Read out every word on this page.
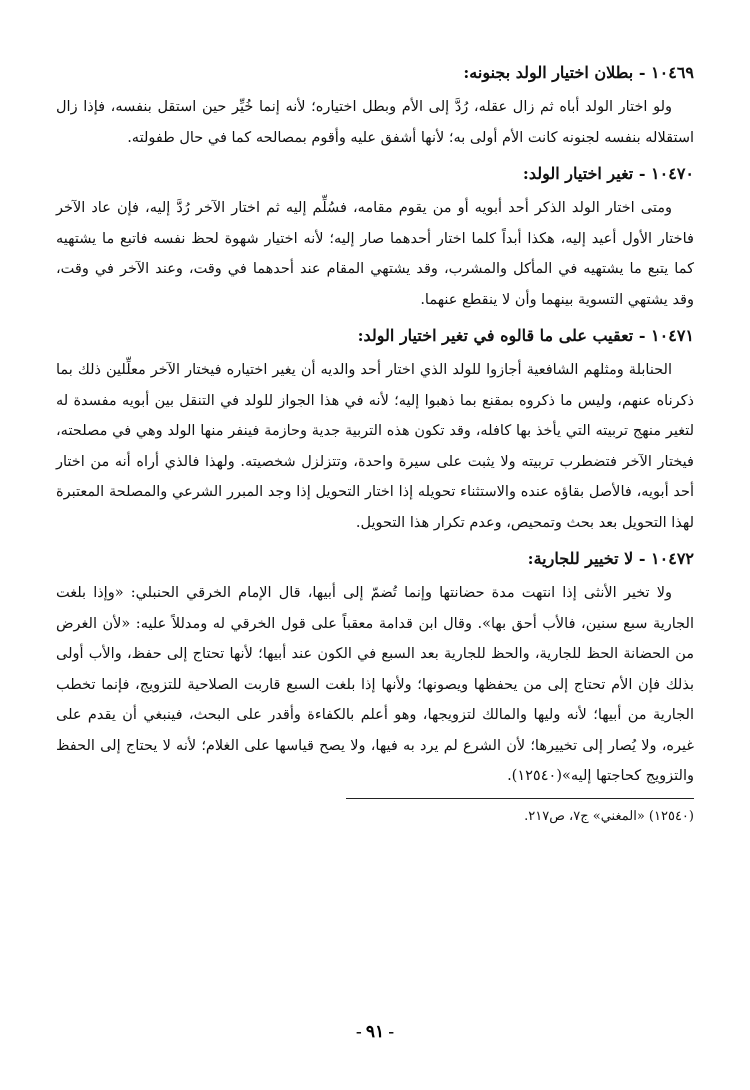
١٠٤٦٩ - بطلان اختيار الولد بجنونه:

ولو اختار الولد أباه ثم زال عقله، رُدَّ إلى الأم وبطل اختياره؛ لأنه إنما خُيِّر حين استقل بنفسه، فإذا زال استقلاله بنفسه لجنونه كانت الأم أولى به؛ لأنها أشفق عليه وأقوم بمصالحه كما في حال طفولته.

١٠٤٧٠ - تغير اختيار الولد:

ومتى اختار الولد الذكر أحد أبويه أو من يقوم مقامه، فسُلِّم إليه ثم اختار الآخر رُدَّ إليه، فإن عاد الآخر فاختار الأول أعيد إليه، هكذا أبداً كلما اختار أحدهما صار إليه؛ لأنه اختيار شهوة لحظ نفسه فاتبع ما يشتهيه كما يتبع ما يشتهيه في المأكل والمشرب، وقد يشتهي المقام عند أحدهما في وقت، وعند الآخر في وقت، وقد يشتهي التسوية بينهما وأن لا ينقطع عنهما.

١٠٤٧١ - تعقيب على ما قالوه في تغير اختيار الولد:

الحنابلة ومثلهم الشافعية أجازوا للولد الذي اختار أحد والديه أن يغير اختياره فيختار الآخر معلِّلين ذلك بما ذكرناه عنهم، وليس ما ذكروه بمقنع بما ذهبوا إليه؛ لأنه في هذا الجواز للولد في التنقل بين أبويه مفسدة له لتغير منهج تربيته التي يأخذ بها كافله، وقد تكون هذه التربية جدية وحازمة فينفر منها الولد وهي في مصلحته، فيختار الآخر فتضطرب تربيته ولا يثبت على سيرة واحدة، وتتزلزل شخصيته. ولهذا فالذي أراه أنه من اختار أحد أبويه، فالأصل بقاؤه عنده والاستثناء تحويله إذا اختار التحويل إذا وجد المبرر الشرعي والمصلحة المعتبرة لهذا التحويل بعد بحث وتمحيص، وعدم تكرار هذا التحويل.

١٠٤٧٢ - لا تخيير للجارية:

ولا تخير الأنثى إذا انتهت مدة حضانتها وإنما تُضمّ إلى أبيها، قال الإمام الخرقي الحنبلي: «وإذا بلغت الجارية سبع سنين، فالأب أحق بها». وقال ابن قدامة معقباً على قول الخرقي له ومدللاً عليه: «لأن الغرض من الحضانة الحظ للجارية، والحظ للجارية بعد السبع في الكون عند أبيها؛ لأنها تحتاج إلى حفظ، والأب أولى بذلك فإن الأم تحتاج إلى من يحفظها ويصونها؛ ولأنها إذا بلغت السبع قاربت الصلاحية للتزويج، فإنما تخطب الجارية من أبيها؛ لأنه وليها والمالك لتزويجها، وهو أعلم بالكفاءة وأقدر على البحث، فينبغي أن يقدم على غيره، ولا يُصار إلى تخييرها؛ لأن الشرع لم يرد به فيها، ولا يصح قياسها على الغلام؛ لأنه لا يحتاج إلى الحفظ والتزويج كحاجتها إليه»(١٢٥٤٠).

(١٢٥٤٠) «المغني» ج٧، ص٢١٧.

- ٩١ -
